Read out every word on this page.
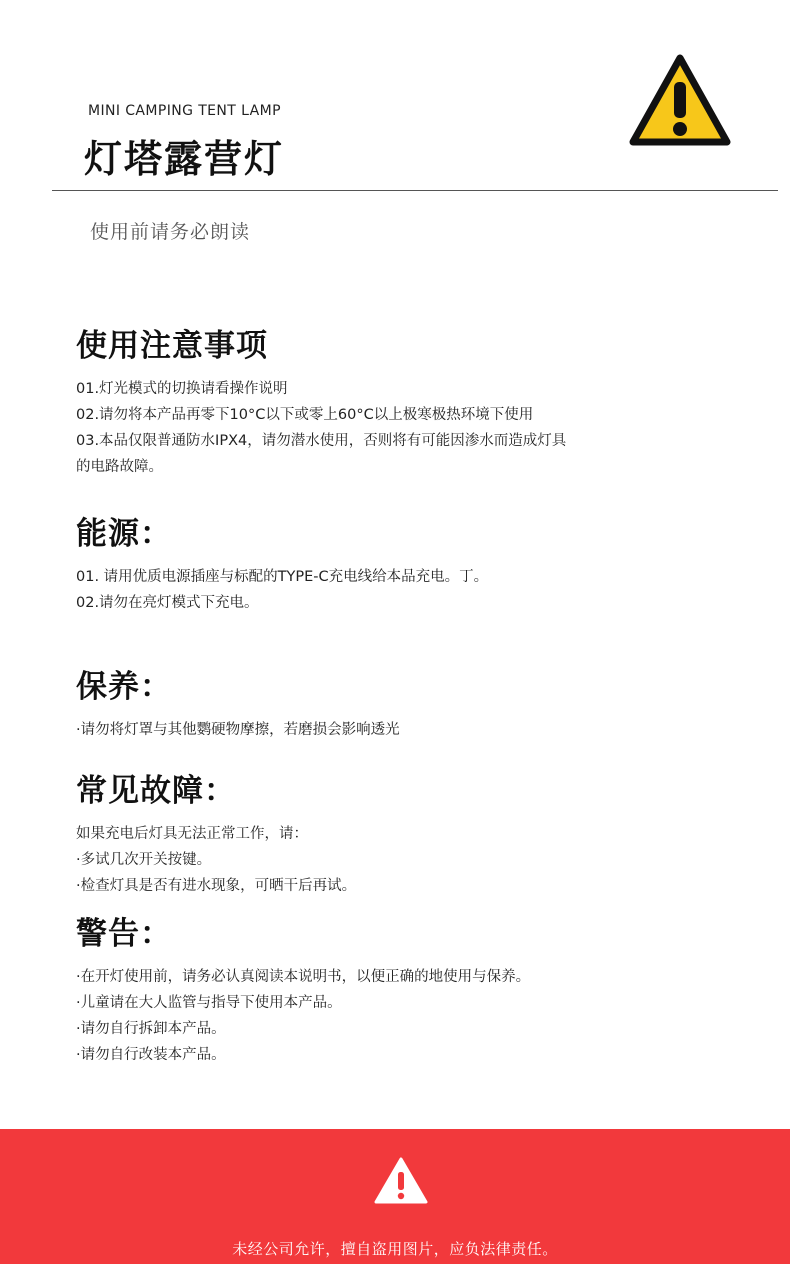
MINI CAMPING TENT LAMP
灯塔露营灯
使用前请务必朗读
使用注意事项
01.灯光模式的切换请看操作说明
02.请勿将本产品再零下10°C以下或零上60°C以上极寒极热环境下使用
03.本品仅限普通防水IPX4，请勿潜水使用，否则将有可能因渗水而造成灯具
的电路故障。
能源：
01. 请用优质电源插座与标配的TYPE-C充电线给本品充电。丁。
02.请勿在亮灯模式下充电。
保养：
·请勿将灯罩与其他鹦硬物摩擦，若磨损会影响透光
常见故障：
如果充电后灯具无法正常工作，请：
·多试几次开关按键。
·检查灯具是否有进水现象，可晒干后再试。
警告：
·在开灯使用前，请务必认真阅读本说明书，以便正确的地使用与保养。
·儿童请在大人监管与指导下使用本产品。
·请勿自行拆卸本产品。
·请勿自行改装本产品。
未经公司允许，擅自盗用图片，应负法律责任。
